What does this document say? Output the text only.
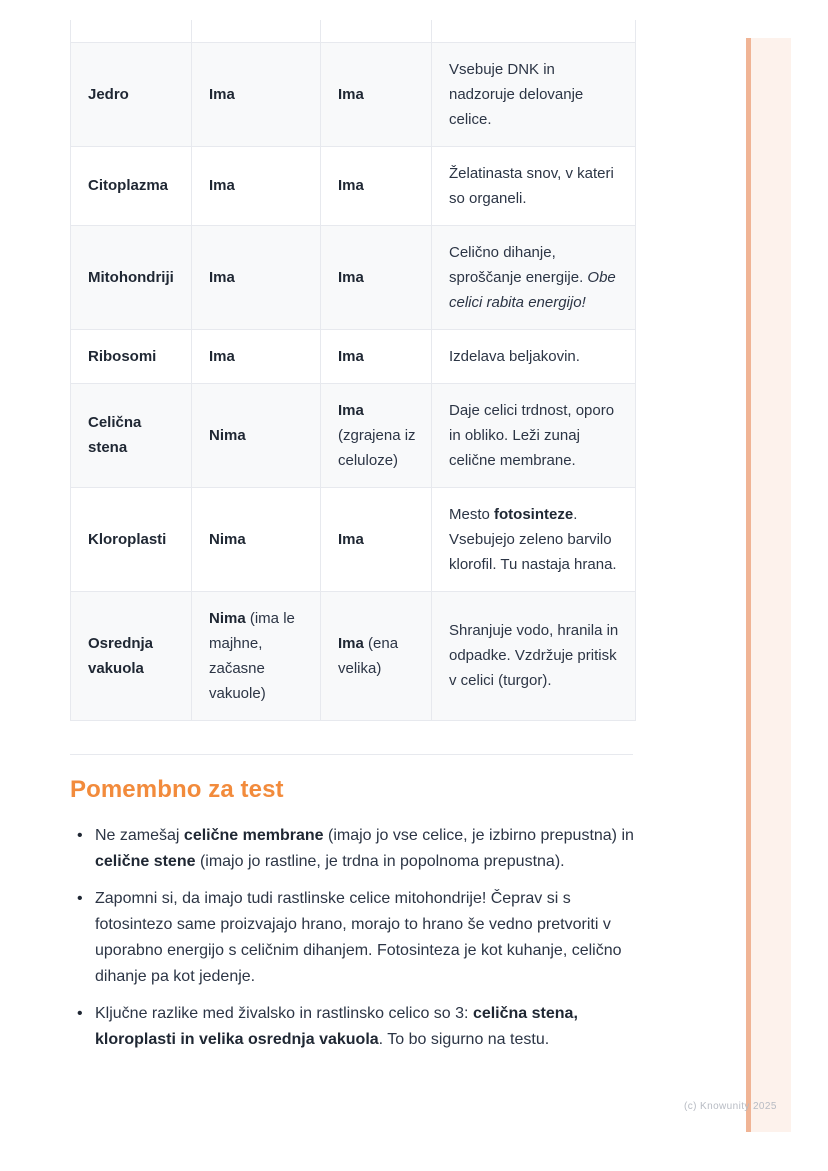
Jedro	Ima	Ima	Vsebuje DNK in nadzoruje delovanje celice.
Citoplazma	Ima	Ima	Želatinasta snov, v kateri so organeli.
Mitohondriji	Ima	Ima	Celično dihanje, sproščanje energije. Obe celici rabita energijo!
Ribosomi	Ima	Ima	Izdelava beljakovin.
Celična stena	Nima	Ima (zgrajena iz celuloze)	Daje celici trdnost, oporo in obliko. Leži zunaj celične membrane.
Kloroplasti	Nima	Ima	Mesto fotosinteze. Vsebujejo zeleno barvilo klorofil. Tu nastaja hrana.
Osrednja vakuola	Nima (ima le majhne, začasne vakuole)	Ima (ena velika)	Shranjuje vodo, hranila in odpadke. Vzdržuje pritisk v celici (turgor).
Pomembno za test
• Ne zamešaj celične membrane (imajo jo vse celice, je izbirno prepustna) in celične stene (imajo jo rastline, je trdna in popolnoma prepustna).
• Zapomni si, da imajo tudi rastlinske celice mitohondrije! Čeprav si s fotosintezo same proizvajajo hrano, morajo to hrano še vedno pretvoriti v uporabno energijo s celičnim dihanjem. Fotosinteza je kot kuhanje, celično dihanje pa kot jedenje.
• Ključne razlike med živalsko in rastlinsko celico so 3: celična stena, kloroplasti in velika osrednja vakuola. To bo sigurno na testu.
(c) Knowunity 2025
